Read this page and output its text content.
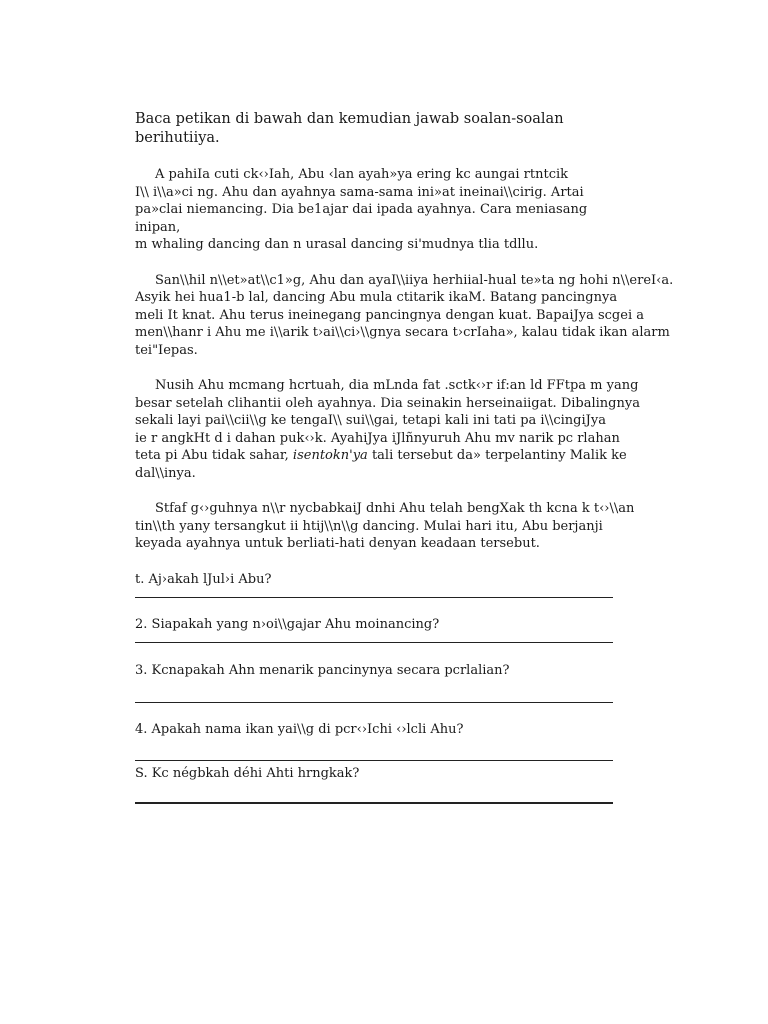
Baca petikan di bawah dan kemudian jawab soalan-soalan
berihutiiya.
A pahiIa cuti ck‹›Iah, Abu ‹lan ayah»ya ering kc aungai rtntcik
I\\ i\\a»ci ng. Ahu dan ayahnya sama-sama ini»at ineinai\\cirig. Artai
pa»clai niemancing. Dia be1ajar dai ipada ayahnya. Cara meniasang
inipan,
m whaling dancing dan n urasal dancing si'mudnya tlia tdllu.
San\\hil n\\et»at\\c1»g, Ahu dan ayaI\\iiya herhiial-hual te»ta ng hohi n\\ereI‹a.
Asyik hei hua1-b lal, dancing Abu mula ctitarik ikaM. Batang pancingnya
meli It knat. Ahu terus ineinegang pancingnya dengan kuat. BapaiJya scgei a
men\\hanr i Ahu me i\\arik t›ai\\ci›\\gnya secara t›crIaha», kalau tidak ikan alarm
tei"Iepas.
Nusih Ahu mcmang hcrtuah, dia mLnda fat .sctk‹›r if:an ld FFtpa m yang
besar setelah clihantii oleh ayahnya. Dia seinakin herseinaiigat. Dibalingnya
sekali layi pai\\cii\\g ke tengaI\\ sui\\gai, tetapi kali ini tati pa i\\cingiJya
ie r angkHt d i dahan puk‹›k. AyahiJya iJlñnyuruh Ahu mv narik pc rlahan
teta pi Abu tidak sahar, isentokn'ya tali tersebut da» terpelantiny Malik ke
dal\\inya.
Stfaf g‹›guhnya n\\r nycbabkaiJ dnhi Ahu telah bengXak th kcna k t‹›\\an
tin\\th yany tersangkut ii htij\\n\\g dancing. Mulai hari itu, Abu berjanji
keyada ayahnya untuk berliati-hati denyan keadaan tersebut.
t. Aj›akah lJul›i Abu?
2. Siapakah yang n›oi\\gajar Ahu moinancing?
3. Kcnapakah Ahn menarik pancinynya secara pcrlalian?
4. Apakah nama ikan yai\\g di pcr‹›Ichi ‹›lcli Ahu?
S. Kc négbkah déhi Ahti hrngkak?
